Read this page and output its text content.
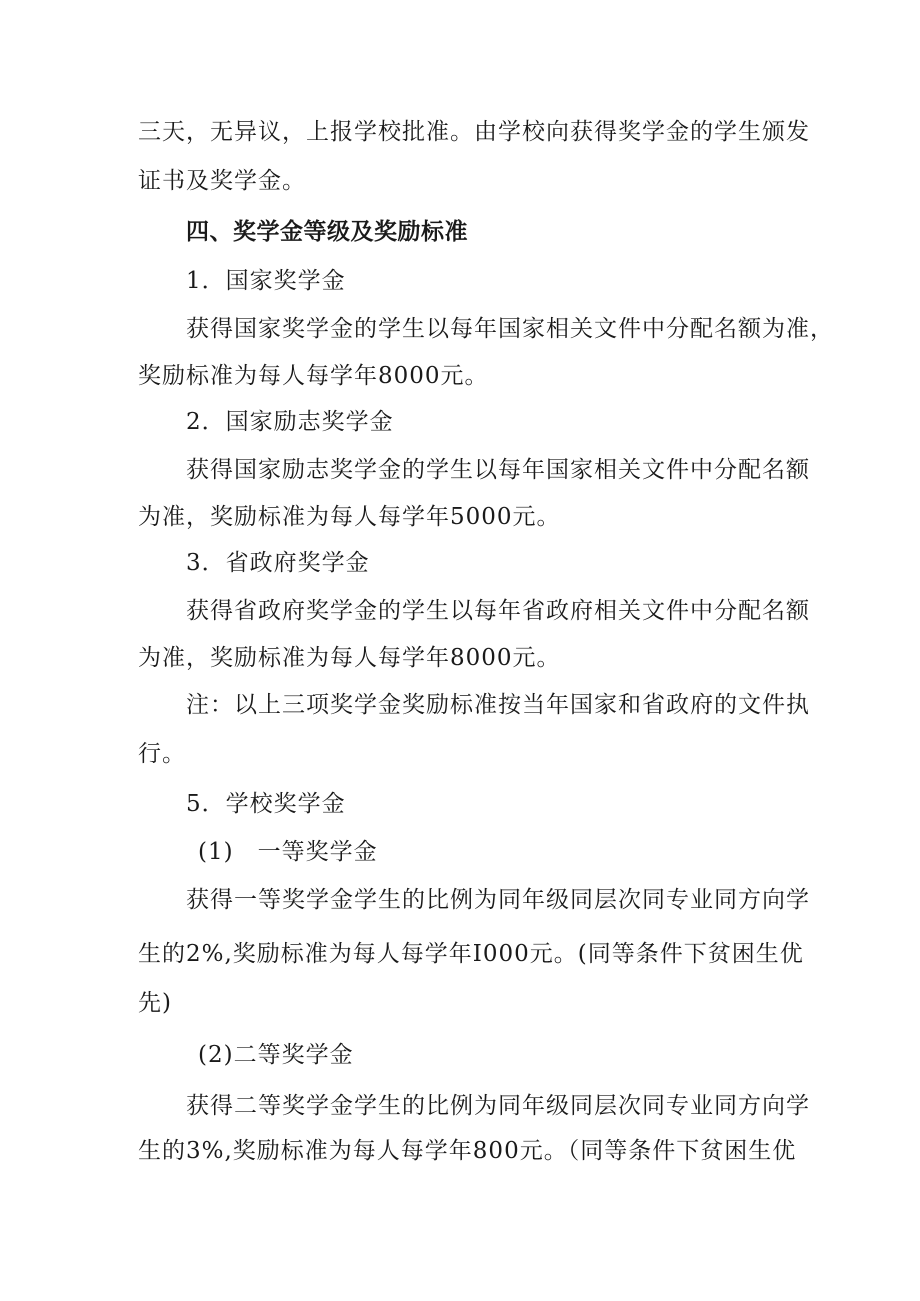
三天，无异议，上报学校批准。由学校向获得奖学金的学生颁发
证书及奖学金。
四、奖学金等级及奖励标准
1．国家奖学金
获得国家奖学金的学生以每年国家相关文件中分配名额为准，
奖励标准为每人每学年8000元。
2．国家励志奖学金
获得国家励志奖学金的学生以每年国家相关文件中分配名额
为准，奖励标准为每人每学年5000元。
3．省政府奖学金
获得省政府奖学金的学生以每年省政府相关文件中分配名额
为准，奖励标准为每人每学年8000元。
注：以上三项奖学金奖励标准按当年国家和省政府的文件执
行。
5．学校奖学金
(1)　一等奖学金
获得一等奖学金学生的比例为同年级同层次同专业同方向学
生的2%,奖励标准为每人每学年I000元。(同等条件下贫困生优
先)
(2)二等奖学金
获得二等奖学金学生的比例为同年级同层次同专业同方向学
生的3%,奖励标准为每人每学年800元。（同等条件下贫困生优
